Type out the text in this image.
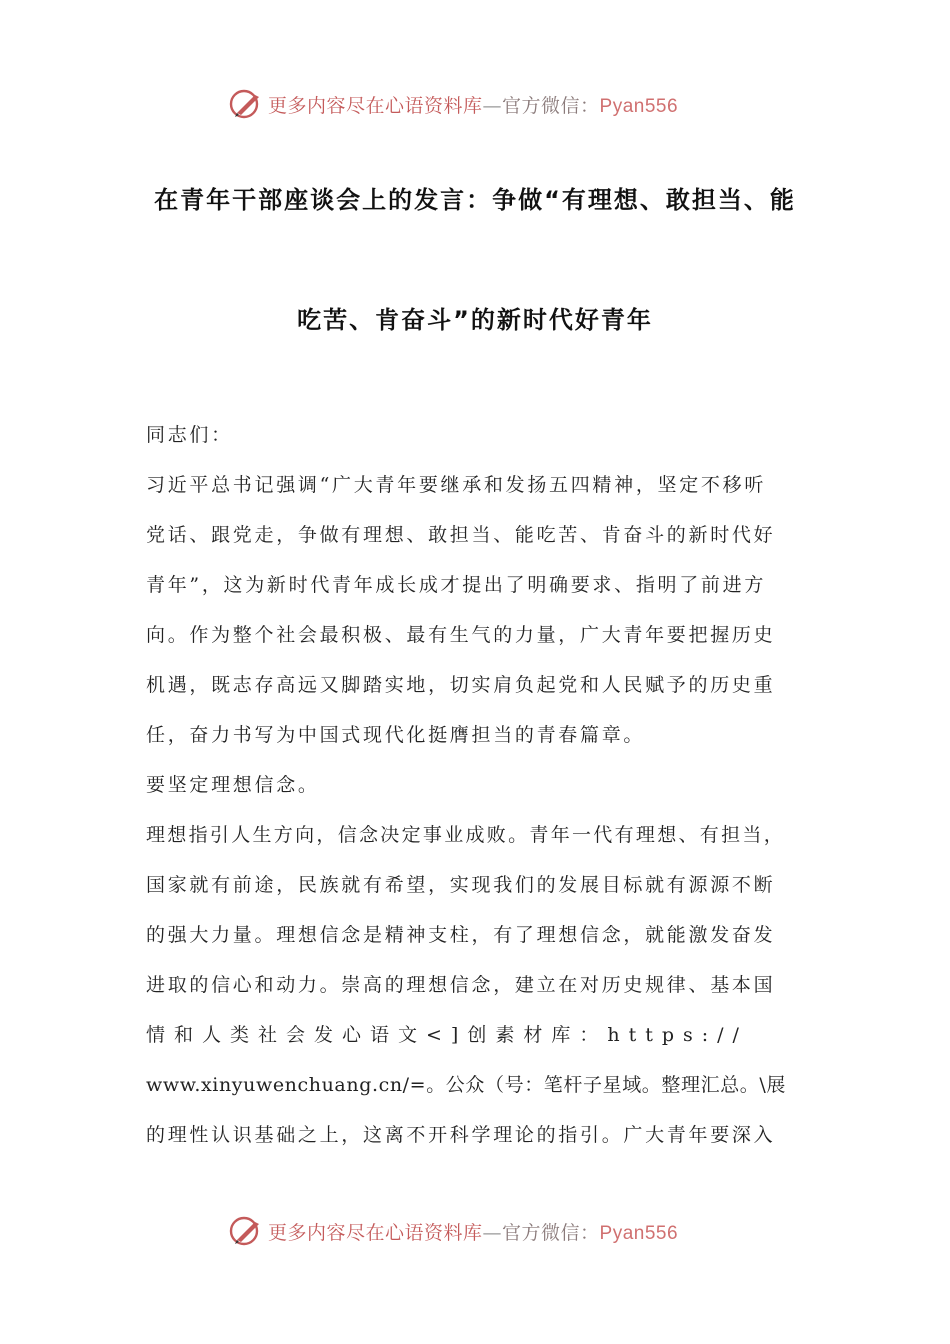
更多内容尽在心语资料库—官方微信：Pyan556
在青年干部座谈会上的发言：争做“有理想、敢担当、能
吃苦、肯奋斗”的新时代好青年
同志们：
习近平总书记强调“广大青年要继承和发扬五四精神，坚定不移听
党话、跟党走，争做有理想、敢担当、能吃苦、肯奋斗的新时代好
青年”，这为新时代青年成长成才提出了明确要求、指明了前进方
向。作为整个社会最积极、最有生气的力量，广大青年要把握历史
机遇，既志存高远又脚踏实地，切实肩负起党和人民赋予的历史重
任，奋力书写为中国式现代化挺膺担当的青春篇章。
要坚定理想信念。
理想指引人生方向，信念决定事业成败。青年一代有理想、有担当，
国家就有前途，民族就有希望，实现我们的发展目标就有源源不断
的强大力量。理想信念是精神支柱，有了理想信念，就能激发奋发
进取的信心和动力。崇高的理想信念，建立在对历史规律、基本国
情和人类社会发心语文<]创素材库：https://
www.xinyuwenchuang.cn/=。公众（号：笔杆子星域。整理汇总。\展
的理性认识基础之上，这离不开科学理论的指引。广大青年要深入
更多内容尽在心语资料库—官方微信：Pyan556
